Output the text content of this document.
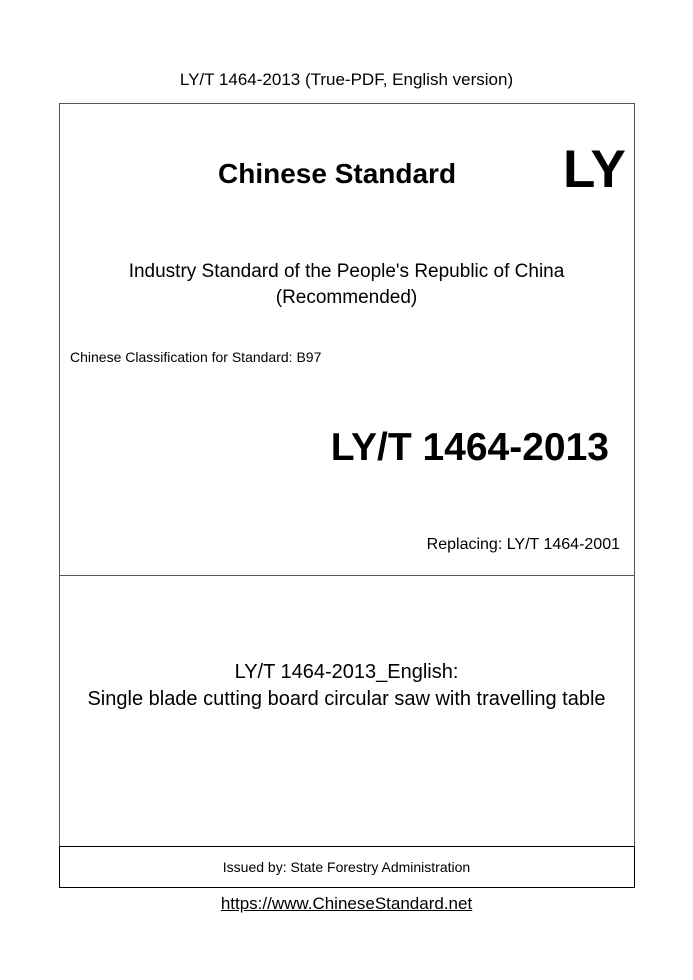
LY/T 1464-2013 (True-PDF, English version)
Chinese Standard LY
Industry Standard of the People's Republic of China
(Recommended)
Chinese Classification for Standard: B97
LY/T 1464-2013
Replacing: LY/T 1464-2001
LY/T 1464-2013_English:
Single blade cutting board circular saw with travelling table
Issued by: State Forestry Administration
https://www.ChineseStandard.net
